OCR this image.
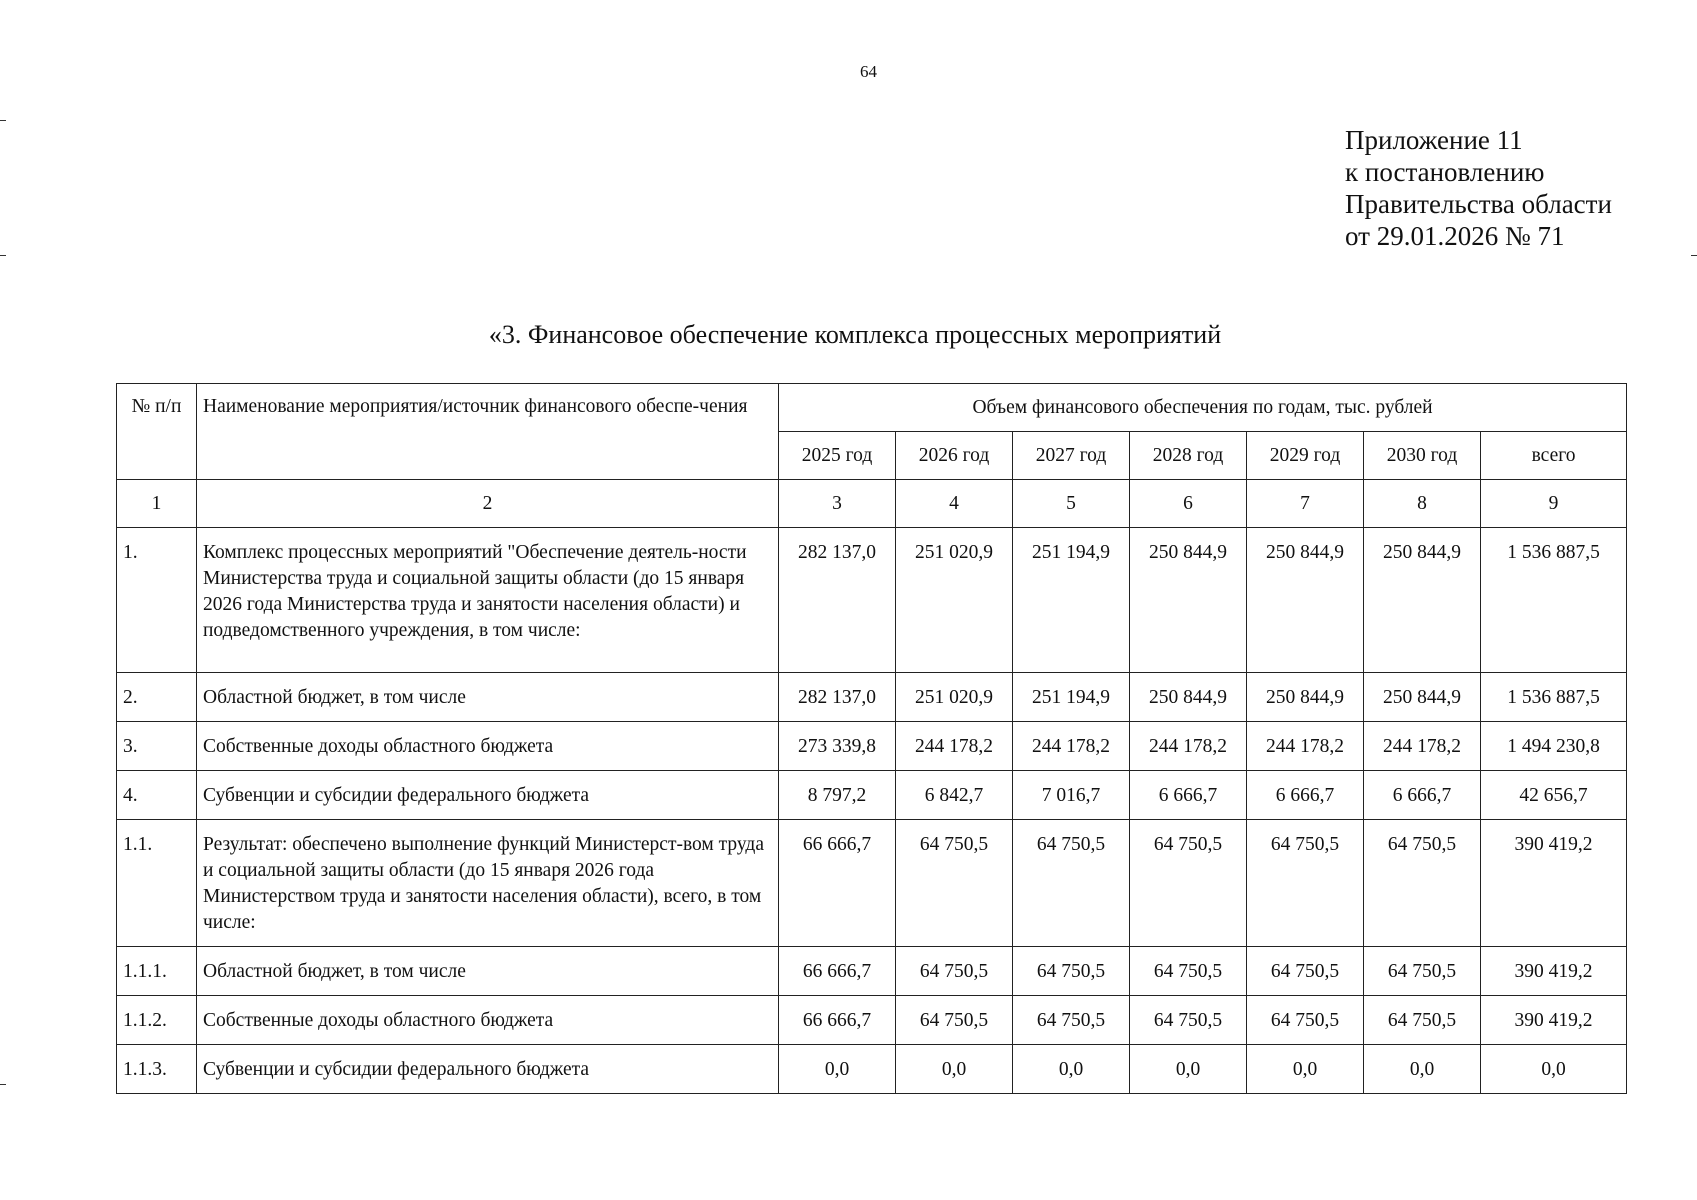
64
Приложение 11
к постановлению
Правительства области
от 29.01.2026 № 71
«3. Финансовое обеспечение комплекса процессных мероприятий
№ п/п	Наименование мероприятия/источник финансового обеспе-чения	Объем финансового обеспечения по годам, тыс. рублей						
		2025 год	2026 год	2027 год	2028 год	2029 год	2030 год	всего
1	2	3	4	5	6	7	8	9
1.	Комплекс процессных мероприятий "Обеспечение деятель-ности Министерства труда и социальной защиты области (до 15 января 2026 года Министерства труда и занятости населения области) и подведомственного учреждения, в том числе:	282 137,0	251 020,9	251 194,9	250 844,9	250 844,9	250 844,9	1 536 887,5
2.	Областной бюджет, в том числе	282 137,0	251 020,9	251 194,9	250 844,9	250 844,9	250 844,9	1 536 887,5
3.	Собственные доходы областного бюджета	273 339,8	244 178,2	244 178,2	244 178,2	244 178,2	244 178,2	1 494 230,8
4.	Субвенции и субсидии федерального бюджета	8 797,2	6 842,7	7 016,7	6 666,7	6 666,7	6 666,7	42 656,7
1.1.	Результат: обеспечено выполнение функций Министерст-вом труда и социальной защиты области (до 15 января 2026 года Министерством труда и занятости населения области), всего, в том числе:	66 666,7	64 750,5	64 750,5	64 750,5	64 750,5	64 750,5	390 419,2
1.1.1.	Областной бюджет, в том числе	66 666,7	64 750,5	64 750,5	64 750,5	64 750,5	64 750,5	390 419,2
1.1.2.	Собственные доходы областного бюджета	66 666,7	64 750,5	64 750,5	64 750,5	64 750,5	64 750,5	390 419,2
1.1.3.	Субвенции и субсидии федерального бюджета	0,0	0,0	0,0	0,0	0,0	0,0	0,0
